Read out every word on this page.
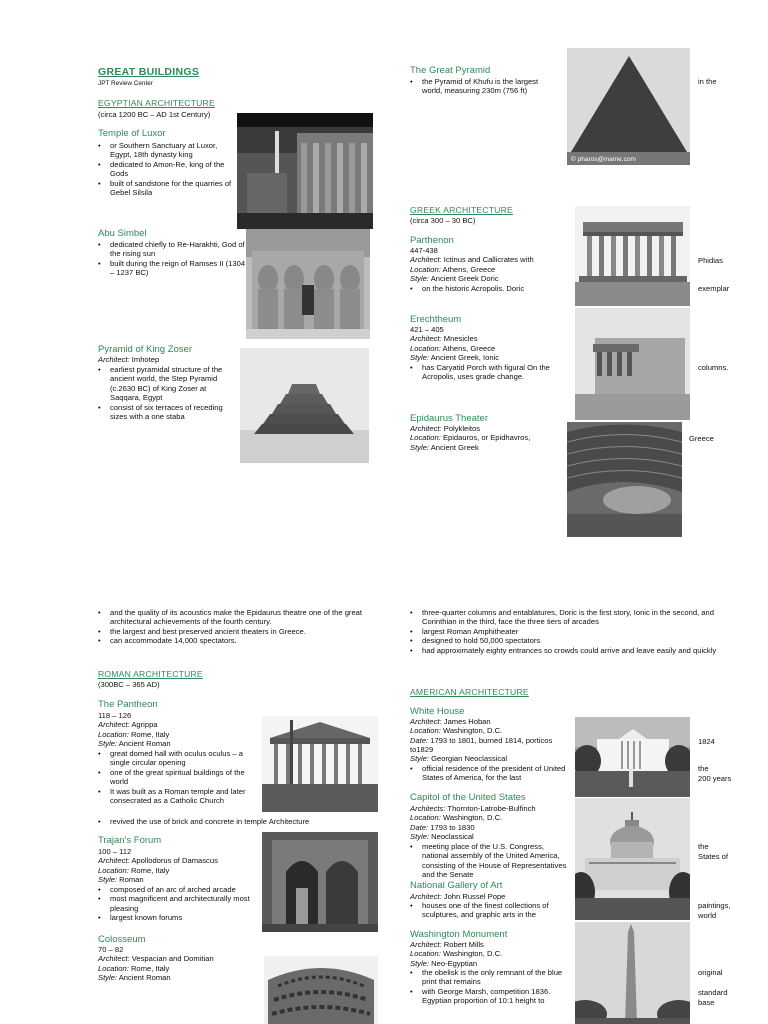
GREAT BUILDINGS
JPT Review Center
EGYPTIAN ARCHITECTURE
(circa 1200 BC – AD 1st Century)
Temple of Luxor
• or Southern Sanctuary at Luxor, Egypt, 18th dynasty king
• dedicated to Amon-Re, king of the Gods
• built of sandstone for the quarries of Gebel Silsila
Abu Simbel
• dedicated chiefly to Re-Harakhti, God of the rising sun
• built during the reign of Ramses II (1304 – 1237 BC)
Pyramid of King Zoser
Architect: Imhotep
• earliest pyramidal structure of the ancient world, the Step Pyramid (c.2630 BC) of King Zoser at Saqqara, Egypt
• consist of six terraces of receding sizes with a one staba
The Great Pyramid
• the Pyramid of Khufu is the largest world, measuring 230m (756 ft)
© pharos@iname.com
in the
GREEK ARCHITECTURE
(circa 300 – 30 BC)
Parthenon
447-438
Architect: Ictinus and Callicrates with
Location: Athens, Greece
Style: Ancient Greek Doric
• on the historic Acropolis. Doric
Phidias
exemplar
Erechtheum
421 – 405
Architect: Mnesicles
Location: Athens, Greece
Style: Ancient Greek, Ionic
• has Caryatid Porch with figural On the Acropolis, uses grade change.
columns.
Epidaurus Theater
Architect: Polykleitos
Location: Epidauros, or Epidhavros,
Style: Ancient Greek
Greece
• and the quality of its acoustics make the Epidaurus theatre one of the great architectural achievements of the fourth century.
• the largest and best preserved ancient theaters in Greece.
• can accommodate 14,000 spectators.
ROMAN ARCHITECTURE
(300BC – 365 AD)
The Pantheon
118 – 126
Architect: Agrippa
Location: Rome, Italy
Style: Ancient Roman
• great domed hall with oculus oculus – a single circular opening
• one of the great spiritual buildings of the world
• It was built as a Roman temple and later consecrated as a Catholic Church
• revived the use of brick and concrete in temple Architecture
Trajan's Forum
100 – 112
Architect: Apollodorus of Damascus
Location: Rome, Italy
Style: Roman
• composed of an arc of arched arcade
• most magnificent and architecturally most pleasing
• largest known forums
Colosseum
70 – 82
Architect: Vespacian and Domitian
Location: Rome, Italy
Style: Ancient Roman
• three-quarter columns and entablatures, Doric is the first story, Ionic in the second, and Corinthian in the third, face the three tiers of arcades
• largest Roman Amphitheater
• designed to hold 50,000 spectators
• had approximately eighty entrances so crowds could arrive and leave easily and quickly
AMERICAN ARCHITECTURE
White House
Architect: James Hoban
Location: Washington, D.C.
Date: 1793 to 1801, burned 1814, porticos to1829
Style: Georgian Neoclassical
• official residence of the president of United States of America, for the last
1824
the
200 years
Capitol of the United States
Architects: Thornton-Latrobe-Bulfinch
Location: Washington, D.C.
Date: 1793 to 1830
Style: Neoclassical
• meeting place of the U.S. Congress, national assembly of the United America, consisting of the House of Representatives and the Senate
the
States of
National Gallery of Art
Architect: John Russel Pope
• houses one of the finest collections of sculptures, and graphic arts in the
paintings,
world
Washington Monument
Architect: Robert Mills
Location: Washington, D.C.
Style: Neo-Egyptian
• the obelisk is the only remnant of the blue print that remains
• with George Marsh, competition 1836. Egyptian proportion of 10:1 height to
original
standard
base
